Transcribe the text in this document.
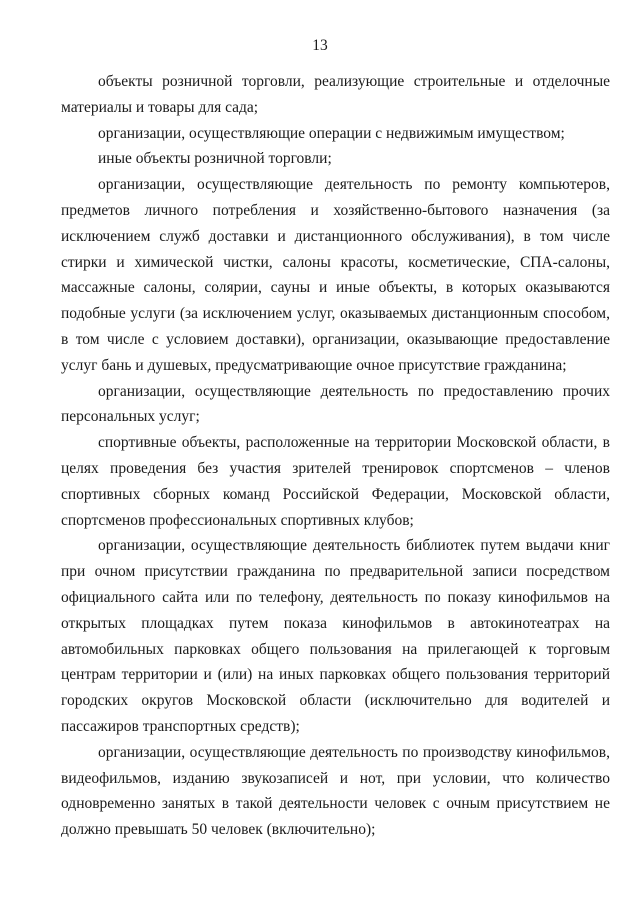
13

объекты розничной торговли, реализующие строительные и отделочные материалы и товары для сада;

организации, осуществляющие операции с недвижимым имуществом;

иные объекты розничной торговли;

организации, осуществляющие деятельность по ремонту компьютеров, предметов личного потребления и хозяйственно-бытового назначения (за исключением служб доставки и дистанционного обслуживания), в том числе стирки и химической чистки, салоны красоты, косметические, СПА-салоны, массажные салоны, солярии, сауны и иные объекты, в которых оказываются подобные услуги (за исключением услуг, оказываемых дистанционным способом, в том числе с условием доставки), организации, оказывающие предоставление услуг бань и душевых, предусматривающие очное присутствие гражданина;

организации, осуществляющие деятельность по предоставлению прочих персональных услуг;

спортивные объекты, расположенные на территории Московской области, в целях проведения без участия зрителей тренировок спортсменов – членов спортивных сборных команд Российской Федерации, Московской области, спортсменов профессиональных спортивных клубов;

организации, осуществляющие деятельность библиотек путем выдачи книг при очном присутствии гражданина по предварительной записи посредством официального сайта или по телефону, деятельность по показу кинофильмов на открытых площадках путем показа кинофильмов в автокинотеатрах на автомобильных парковках общего пользования на прилегающей к торговым центрам территории и (или) на иных парковках общего пользования территорий городских округов Московской области (исключительно для водителей и пассажиров транспортных средств);

организации, осуществляющие деятельность по производству кинофильмов, видеофильмов, изданию звукозаписей и нот, при условии, что количество одновременно занятых в такой деятельности человек с очным присутствием не должно превышать 50 человек (включительно);
